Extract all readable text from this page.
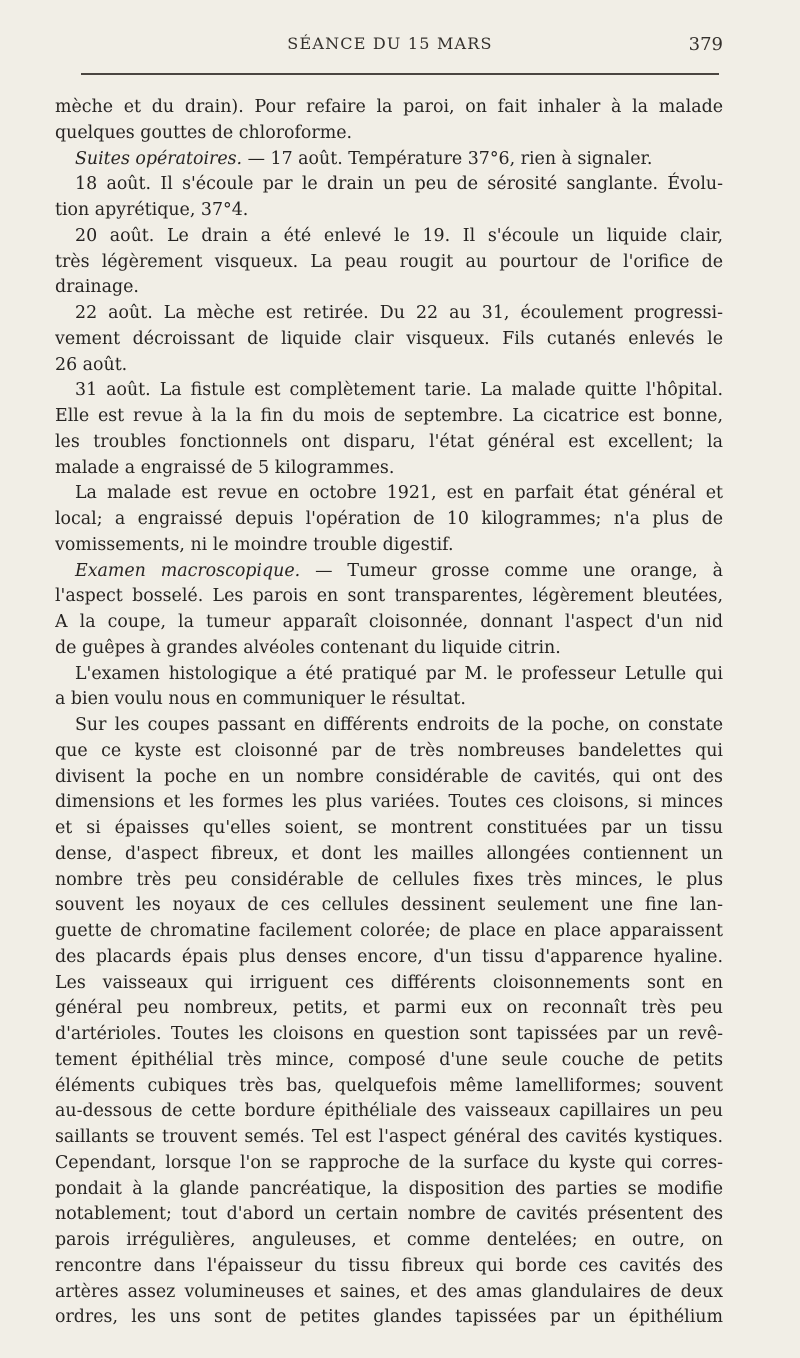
SÉANCE DU 15 MARS	379
mèche et du drain). Pour refaire la paroi, on fait inhaler à la malade
quelques gouttes de chloroforme.
Suites opératoires. — 17 août. Température 37°6, rien à signaler.
18 août. Il s'écoule par le drain un peu de sérosité sanglante. Évolu-
tion apyrétique, 37°4.
20 août. Le drain a été enlevé le 19. Il s'écoule un liquide clair,
très légèrement visqueux. La peau rougit au pourtour de l'orifice de
drainage.
22 août. La mèche est retirée. Du 22 au 31, écoulement progressi-
vement décroissant de liquide clair visqueux. Fils cutanés enlevés le
26 août.
31 août. La fistule est complètement tarie. La malade quitte l'hôpital.
Elle est revue à la la fin du mois de septembre. La cicatrice est bonne,
les troubles fonctionnels ont disparu, l'état général est excellent; la
malade a engraissé de 5 kilogrammes.
La malade est revue en octobre 1921, est en parfait état général et
local; a engraissé depuis l'opération de 10 kilogrammes; n'a plus de
vomissements, ni le moindre trouble digestif.
Examen macroscopique. — Tumeur grosse comme une orange, à
l'aspect bosselé. Les parois en sont transparentes, légèrement bleutées,
A la coupe, la tumeur apparaît cloisonnée, donnant l'aspect d'un nid
de guêpes à grandes alvéoles contenant du liquide citrin.
L'examen histologique a été pratiqué par M. le professeur Letulle qui
a bien voulu nous en communiquer le résultat.
Sur les coupes passant en différents endroits de la poche, on constate
que ce kyste est cloisonné par de très nombreuses bandelettes qui
divisent la poche en un nombre considérable de cavités, qui ont des
dimensions et les formes les plus variées. Toutes ces cloisons, si minces
et si épaisses qu'elles soient, se montrent constituées par un tissu
dense, d'aspect fibreux, et dont les mailles allongées contiennent un
nombre très peu considérable de cellules fixes très minces, le plus
souvent les noyaux de ces cellules dessinent seulement une fine lan-
guette de chromatine facilement colorée; de place en place apparaissent
des placards épais plus denses encore, d'un tissu d'apparence hyaline.
Les vaisseaux qui irriguent ces différents cloisonnements sont en
général peu nombreux, petits, et parmi eux on reconnaît très peu
d'artérioles. Toutes les cloisons en question sont tapissées par un revê-
tement épithélial très mince, composé d'une seule couche de petits
éléments cubiques très bas, quelquefois même lamelliformes; souvent
au-dessous de cette bordure épithéliale des vaisseaux capillaires un peu
saillants se trouvent semés. Tel est l'aspect général des cavités kystiques.
Cependant, lorsque l'on se rapproche de la surface du kyste qui corres-
pondait à la glande pancréatique, la disposition des parties se modifie
notablement; tout d'abord un certain nombre de cavités présentent des
parois irrégulières, anguleuses, et comme dentelées; en outre, on
rencontre dans l'épaisseur du tissu fibreux qui borde ces cavités des
artères assez volumineuses et saines, et des amas glandulaires de deux
ordres, les uns sont de petites glandes tapissées par un épithélium
